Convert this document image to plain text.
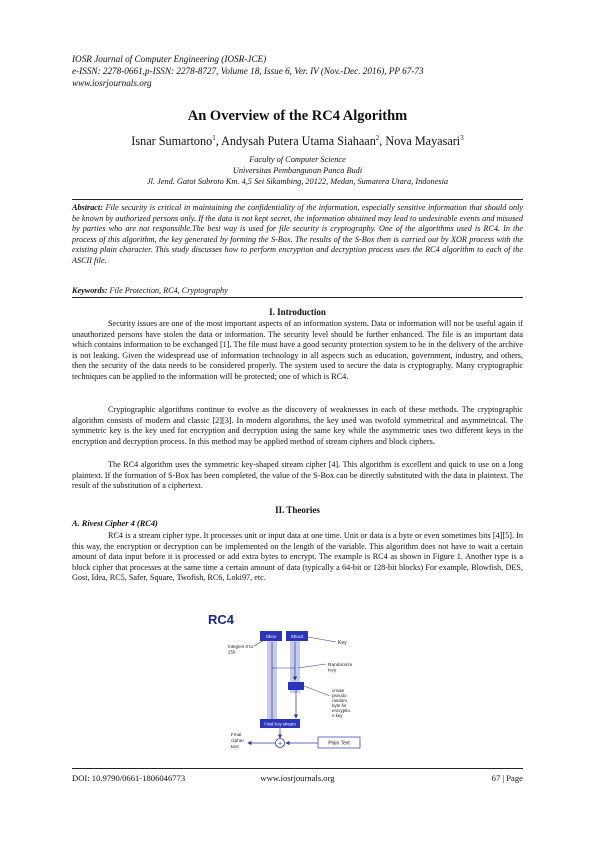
IOSR Journal of Computer Engineering (IOSR-JCE)
e-ISSN: 2278-0661,p-ISSN: 2278-8727, Volume 18, Issue 6, Ver. IV (Nov.-Dec. 2016), PP 67-73
www.iosrjournals.org
An Overview of the RC4 Algorithm
Isnar Sumartono$^1$, Andysah Putera Utama Siahaan$^2$, Nova Mayasari$^3$
Faculty of Computer Science
Universitas Pembangunan Panca Budi
Jl. Jend. Gatot Subroto Km. 4,5 Sei Sikambing, 20122, Medan, Sumatera Utara, Indonesia
Abstract: File security is critical in maintaining the confidentiality of the information, especially sensitive information that should only be known by authorized persons only. If the data is not kept secret, the information obtained may lead to undesirable events and misused by parties who are not responsible.The best way is used for file security is cryptography. One of the algorithms used is RC4. In the process of this algorithm, the key generated by forming the S-Box. The results of the S-Box then is carried out by XOR process with the existing plain character. This study discusses how to perform encryption and decryption process uses the RC4 algorithm to each of the ASCII file.
Keywords: File Protection, RC4, Cryptography
I. Introduction

Security issues are one of the most important aspects of an information system. Data or information will not be useful again if unauthorized persons have stolen the data or information. The security level should be further enhanced. The file is an important data which contains information to be exchanged [1]. The file must have a good security protection system to be in the delivery of the archive is not leaking. Given the widespread use of information technology in all aspects such as education, government, industry, and others, then the security of the data needs to be considered properly. The system used to secure the data is cryptography. Many cryptographic techniques can be applied to the information will be protected; one of which is RC4.

Cryptographic algorithms continue to evolve as the discovery of weaknesses in each of these methods. The cryptographic algorithm consists of modern and classic [2][3]. In modern algorithms, the key used was twofold symmetrical and asymmetrical. The symmetric key is the key used for encryption and decryption using the same key while the asymmetric uses two different keys in the encryption and decryption process. In this method may be applied method of stream ciphers and block ciphers.

The RC4 algorithm uses the symmetric key-shaped stream cipher [4]. This algorithm is excellent and quick to use on a long plaintext. If the formation of S-Box has been completed, the value of the S-Box can be directly substituted with the data in plaintext. The result of the substitution of a ciphertext.

II. Theories
A. Rivest Cipher 4 (RC4)

RC4 is a stream cipher type. It processes unit or input data at one time. Unit or data is a byte or even sometimes bits [4][5]. In this way, the encryption or decryption can be implemented on the length of the variable. This algorithm does not have to wait a certain amount of data input before it is processed or add extra bytes to encrypt. The example is RC4 as shown in Figure 1. Another type is a block cipher that processes at the same time a certain amount of data (typically a 64-bit or 128-bit blocks) For example, Blowfish, DES, Gost, Idea, RC5, Safer, Square, Twofish, RC6, Loki97, etc.

RC4
Sbox	Sbox2
Integers 0 to 256
Key
Randomize Key
create pseudo random byte for encryptio n key
Final Key stream
+	Plain Text
Final cipher text
DOI: 10.9790/0661-1806046773	www.iosrjournals.org	67 | Page
